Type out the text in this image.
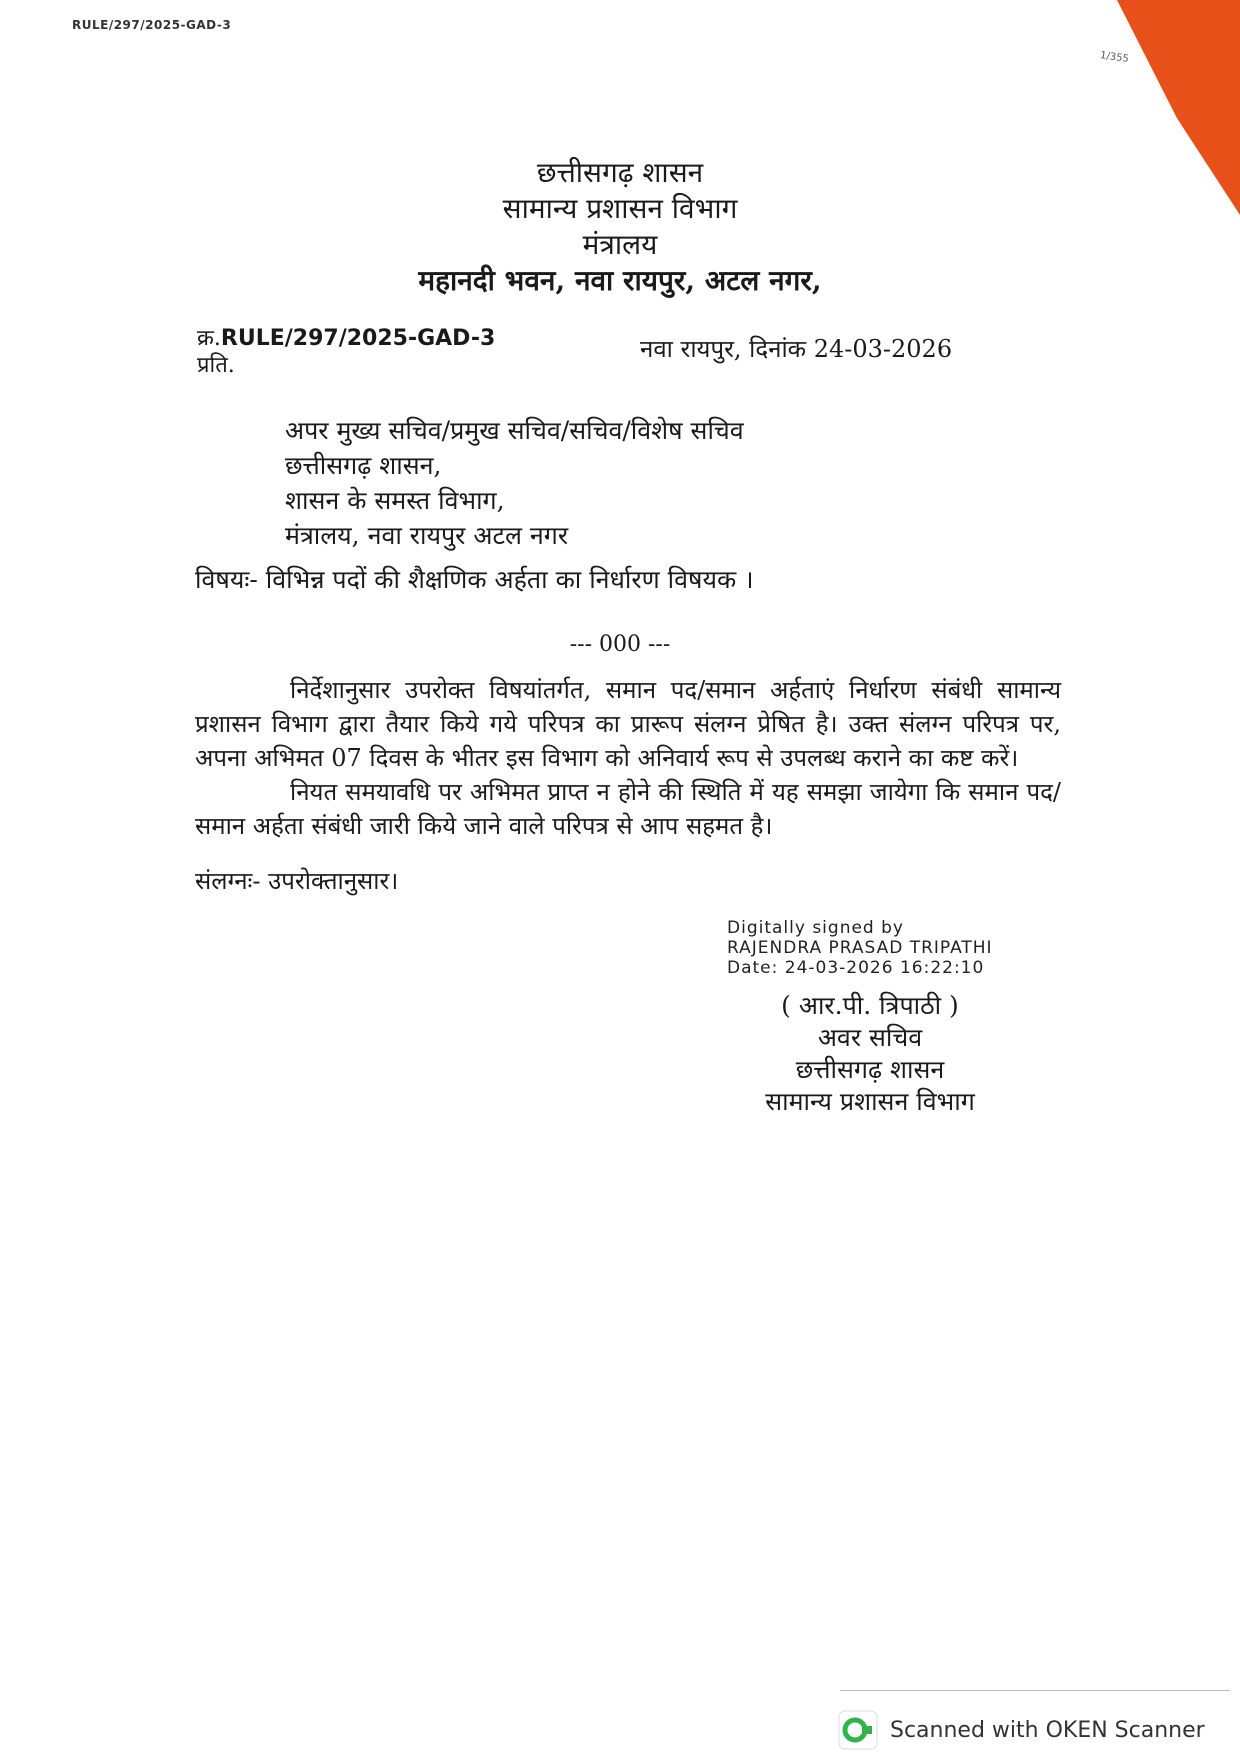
RULE/297/2025-GAD-3
1/355
छत्तीसगढ़ शासन
सामान्य प्रशासन विभाग
मंत्रालय
महानदी भवन, नवा रायपुर, अटल नगर,
क्र.RULE/297/2025-GAD-3	नवा रायपुर, दिनांक 24-03-2026
प्रति.
अपर मुख्य सचिव/प्रमुख सचिव/सचिव/विशेष सचिव
छत्तीसगढ़ शासन,
शासन के समस्त विभाग,
मंत्रालय, नवा रायपुर अटल नगर
विषयः- विभिन्न पदों की शैक्षणिक अर्हता का निर्धारण विषयक ।
--- 000 ---

निर्देशानुसार उपरोक्त विषयांतर्गत, समान पद/समान अर्हताएं निर्धारण संबंधी सामान्य प्रशासन विभाग द्वारा तैयार किये गये परिपत्र का प्रारूप संलग्न प्रेषित है। उक्त संलग्न परिपत्र पर, अपना अभिमत 07 दिवस के भीतर इस विभाग को अनिवार्य रूप से उपलब्ध कराने का कष्ट करें।

नियत समयावधि पर अभिमत प्राप्त न होने की स्थिति में यह समझा जायेगा कि समान पद/समान अर्हता संबंधी जारी किये जाने वाले परिपत्र से आप सहमत है।

संलग्नः- उपरोक्तानुसार।
Digitally signed by
RAJENDRA PRASAD TRIPATHI
Date: 24-03-2026 16:22:10
( आर.पी. त्रिपाठी )
अवर सचिव
छत्तीसगढ़ शासन
सामान्य प्रशासन विभाग
Scanned with OKEN Scanner
